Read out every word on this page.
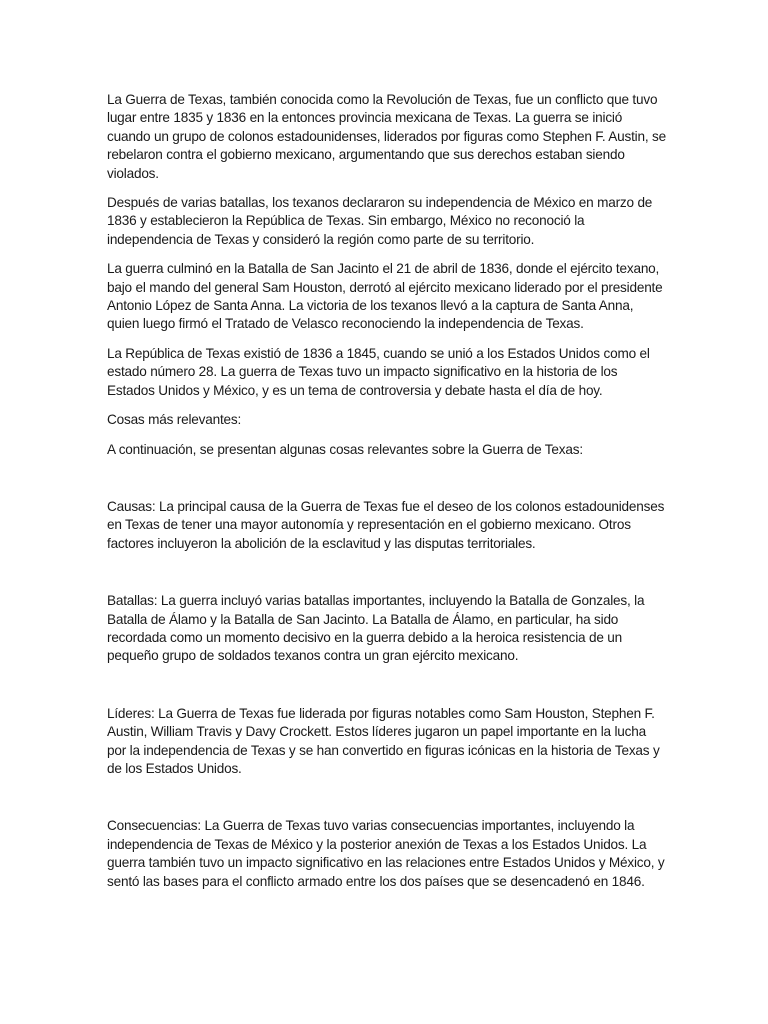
La Guerra de Texas, también conocida como la Revolución de Texas, fue un conflicto que tuvo lugar entre 1835 y 1836 en la entonces provincia mexicana de Texas. La guerra se inició cuando un grupo de colonos estadounidenses, liderados por figuras como Stephen F. Austin, se rebelaron contra el gobierno mexicano, argumentando que sus derechos estaban siendo violados.

Después de varias batallas, los texanos declararon su independencia de México en marzo de 1836 y establecieron la República de Texas. Sin embargo, México no reconoció la independencia de Texas y consideró la región como parte de su territorio.

La guerra culminó en la Batalla de San Jacinto el 21 de abril de 1836, donde el ejército texano, bajo el mando del general Sam Houston, derrotó al ejército mexicano liderado por el presidente Antonio López de Santa Anna. La victoria de los texanos llevó a la captura de Santa Anna, quien luego firmó el Tratado de Velasco reconociendo la independencia de Texas.

La República de Texas existió de 1836 a 1845, cuando se unió a los Estados Unidos como el estado número 28. La guerra de Texas tuvo un impacto significativo en la historia de los Estados Unidos y México, y es un tema de controversia y debate hasta el día de hoy.

Cosas más relevantes:

A continuación, se presentan algunas cosas relevantes sobre la Guerra de Texas:

Causas: La principal causa de la Guerra de Texas fue el deseo de los colonos estadounidenses en Texas de tener una mayor autonomía y representación en el gobierno mexicano. Otros factores incluyeron la abolición de la esclavitud y las disputas territoriales.

Batallas: La guerra incluyó varias batallas importantes, incluyendo la Batalla de Gonzales, la Batalla de Álamo y la Batalla de San Jacinto. La Batalla de Álamo, en particular, ha sido recordada como un momento decisivo en la guerra debido a la heroica resistencia de un pequeño grupo de soldados texanos contra un gran ejército mexicano.

Líderes: La Guerra de Texas fue liderada por figuras notables como Sam Houston, Stephen F. Austin, William Travis y Davy Crockett. Estos líderes jugaron un papel importante en la lucha por la independencia de Texas y se han convertido en figuras icónicas en la historia de Texas y de los Estados Unidos.

Consecuencias: La Guerra de Texas tuvo varias consecuencias importantes, incluyendo la independencia de Texas de México y la posterior anexión de Texas a los Estados Unidos. La guerra también tuvo un impacto significativo en las relaciones entre Estados Unidos y México, y sentó las bases para el conflicto armado entre los dos países que se desencadenó en 1846.
